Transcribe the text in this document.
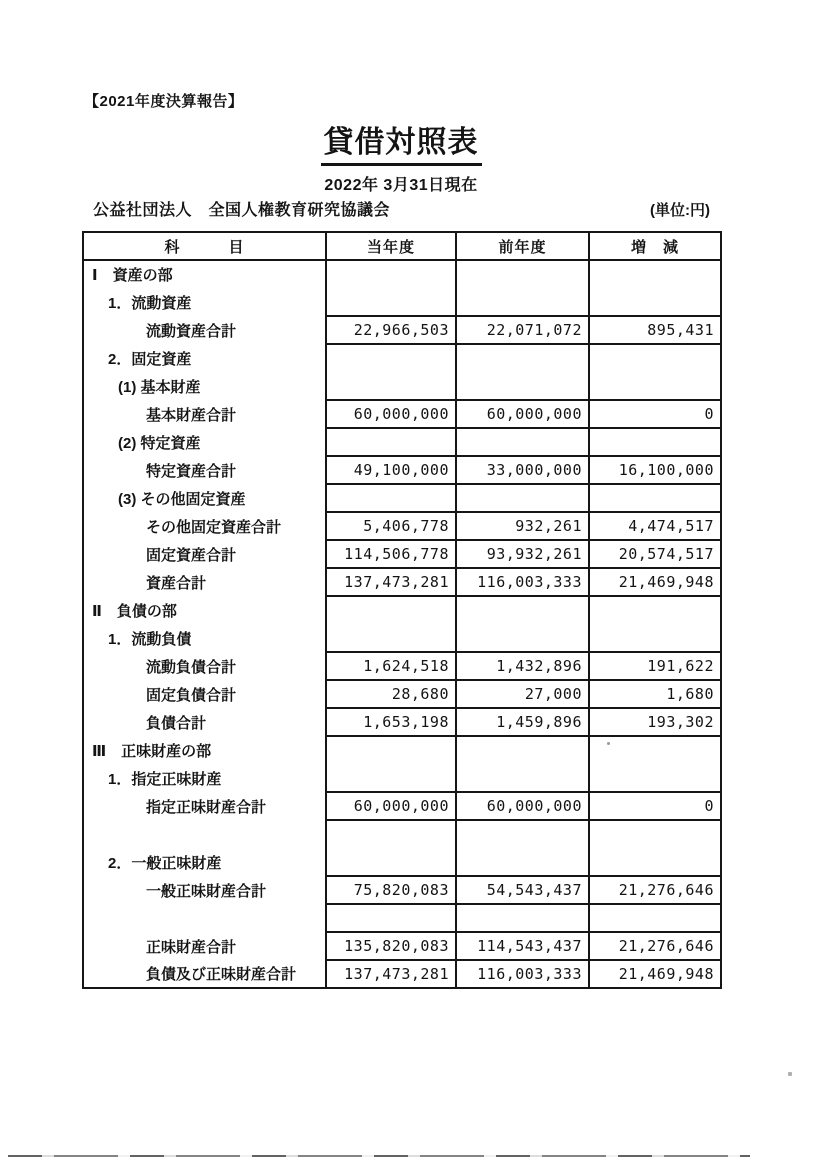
【2021年度決算報告】
貸借対照表
2022年 3月31日現在
公益社団法人　全国人権教育研究協議会	(単位:円)
科　　　目	当年度	前年度	増　減
Ⅰ　資産の部			
1．流動資産			
流動資産合計	22,966,503	22,071,072	895,431
2．固定資産			
(1) 基本財産			
基本財産合計	60,000,000	60,000,000	0
(2) 特定資産			
特定資産合計	49,100,000	33,000,000	16,100,000
(3) その他固定資産			
その他固定資産合計	5,406,778	932,261	4,474,517
固定資産合計	114,506,778	93,932,261	20,574,517
資産合計	137,473,281	116,003,333	21,469,948
Ⅱ　負債の部			
1．流動負債			
流動負債合計	1,624,518	1,432,896	191,622
固定負債合計	28,680	27,000	1,680
負債合計	1,653,198	1,459,896	193,302
Ⅲ　正味財産の部			
1．指定正味財産			
指定正味財産合計	60,000,000	60,000,000	0

2．一般正味財産			
一般正味財産合計	75,820,083	54,543,437	21,276,646

正味財産合計	135,820,083	114,543,437	21,276,646
負債及び正味財産合計	137,473,281	116,003,333	21,469,948
